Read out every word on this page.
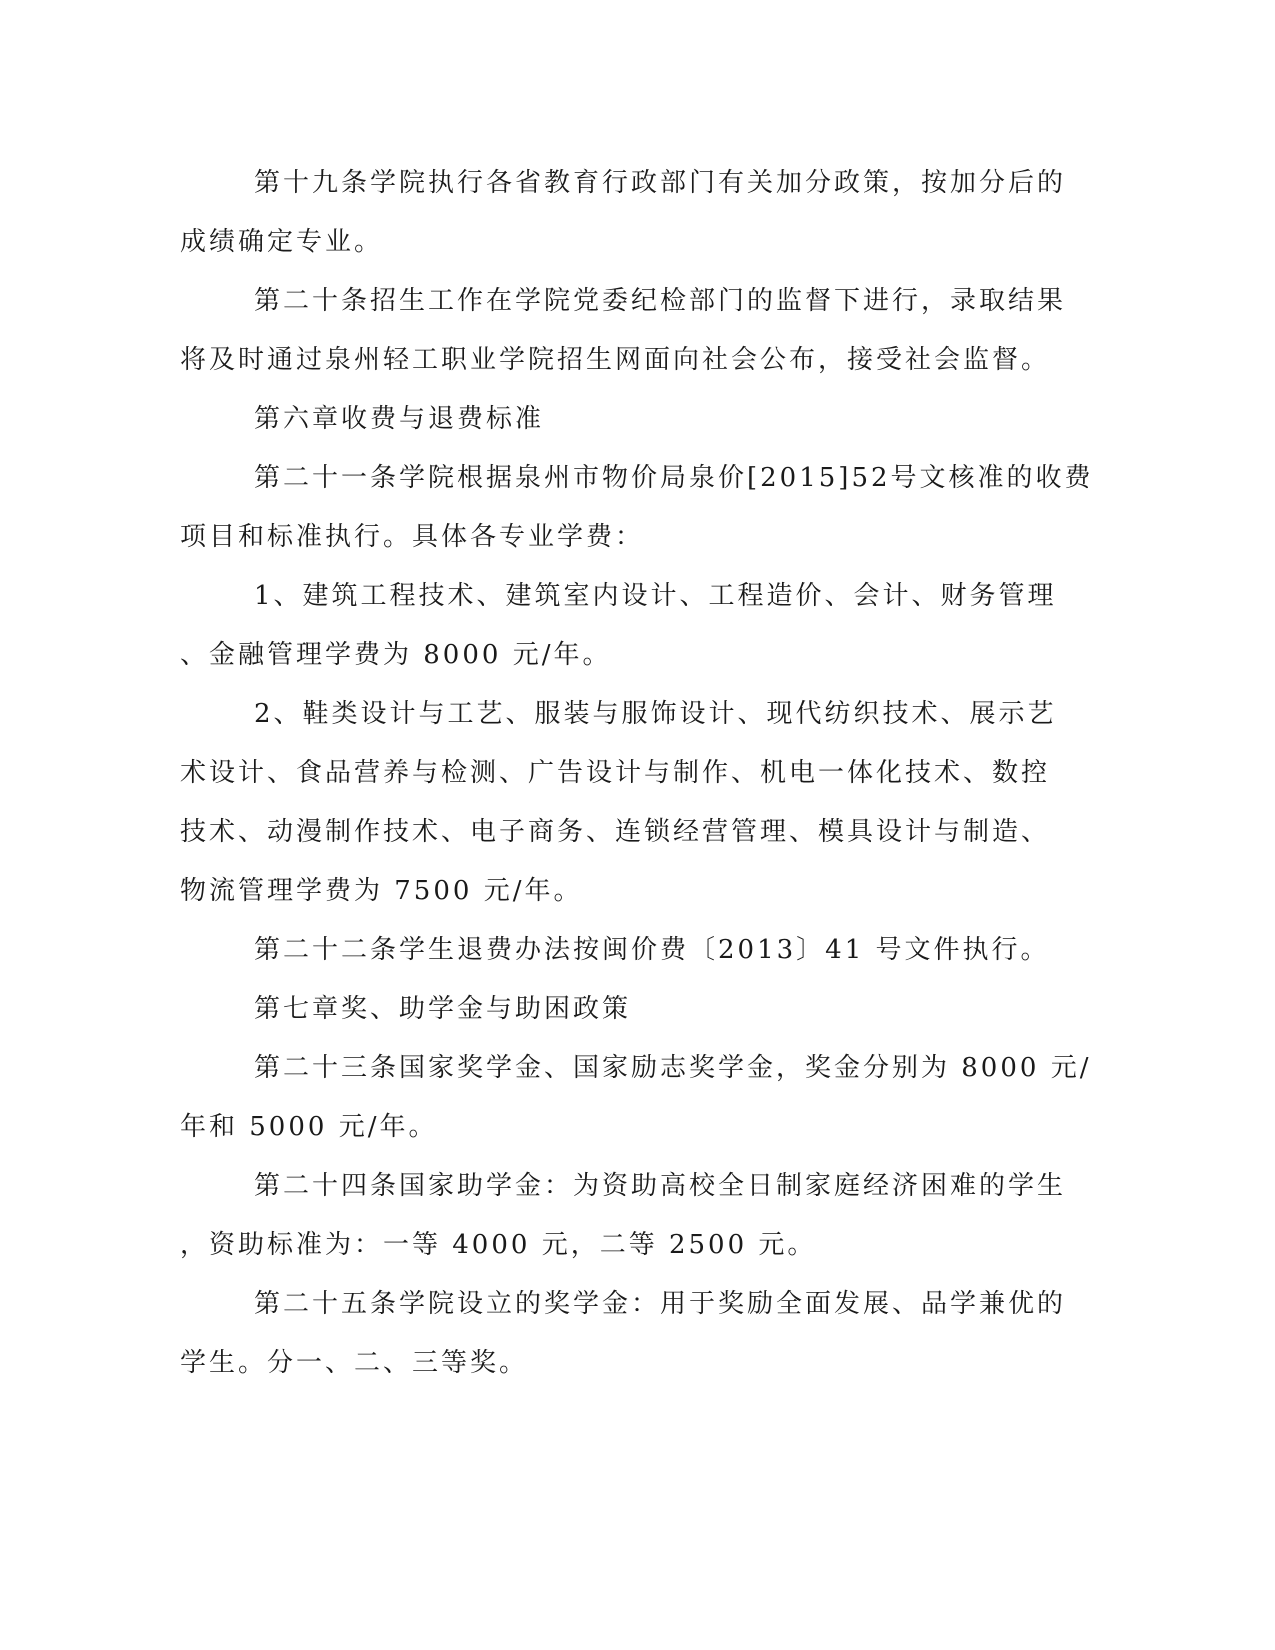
第十九条学院执行各省教育行政部门有关加分政策，按加分后的
成绩确定专业。
第二十条招生工作在学院党委纪检部门的监督下进行，录取结果
将及时通过泉州轻工职业学院招生网面向社会公布，接受社会监督。
第六章收费与退费标准
第二十一条学院根据泉州市物价局泉价[2015]52号文核准的收费
项目和标准执行。具体各专业学费：
1、建筑工程技术、建筑室内设计、工程造价、会计、财务管理
、金融管理学费为 8000 元/年。
2、鞋类设计与工艺、服装与服饰设计、现代纺织技术、展示艺
术设计、食品营养与检测、广告设计与制作、机电一体化技术、数控
技术、动漫制作技术、电子商务、连锁经营管理、模具设计与制造、
物流管理学费为 7500 元/年。
第二十二条学生退费办法按闽价费〔2013〕41 号文件执行。
第七章奖、助学金与助困政策
第二十三条国家奖学金、国家励志奖学金，奖金分别为 8000 元/
年和 5000 元/年。
第二十四条国家助学金：为资助高校全日制家庭经济困难的学生
，资助标准为：一等 4000 元，二等 2500 元。
第二十五条学院设立的奖学金：用于奖励全面发展、品学兼优的
学生。分一、二、三等奖。
